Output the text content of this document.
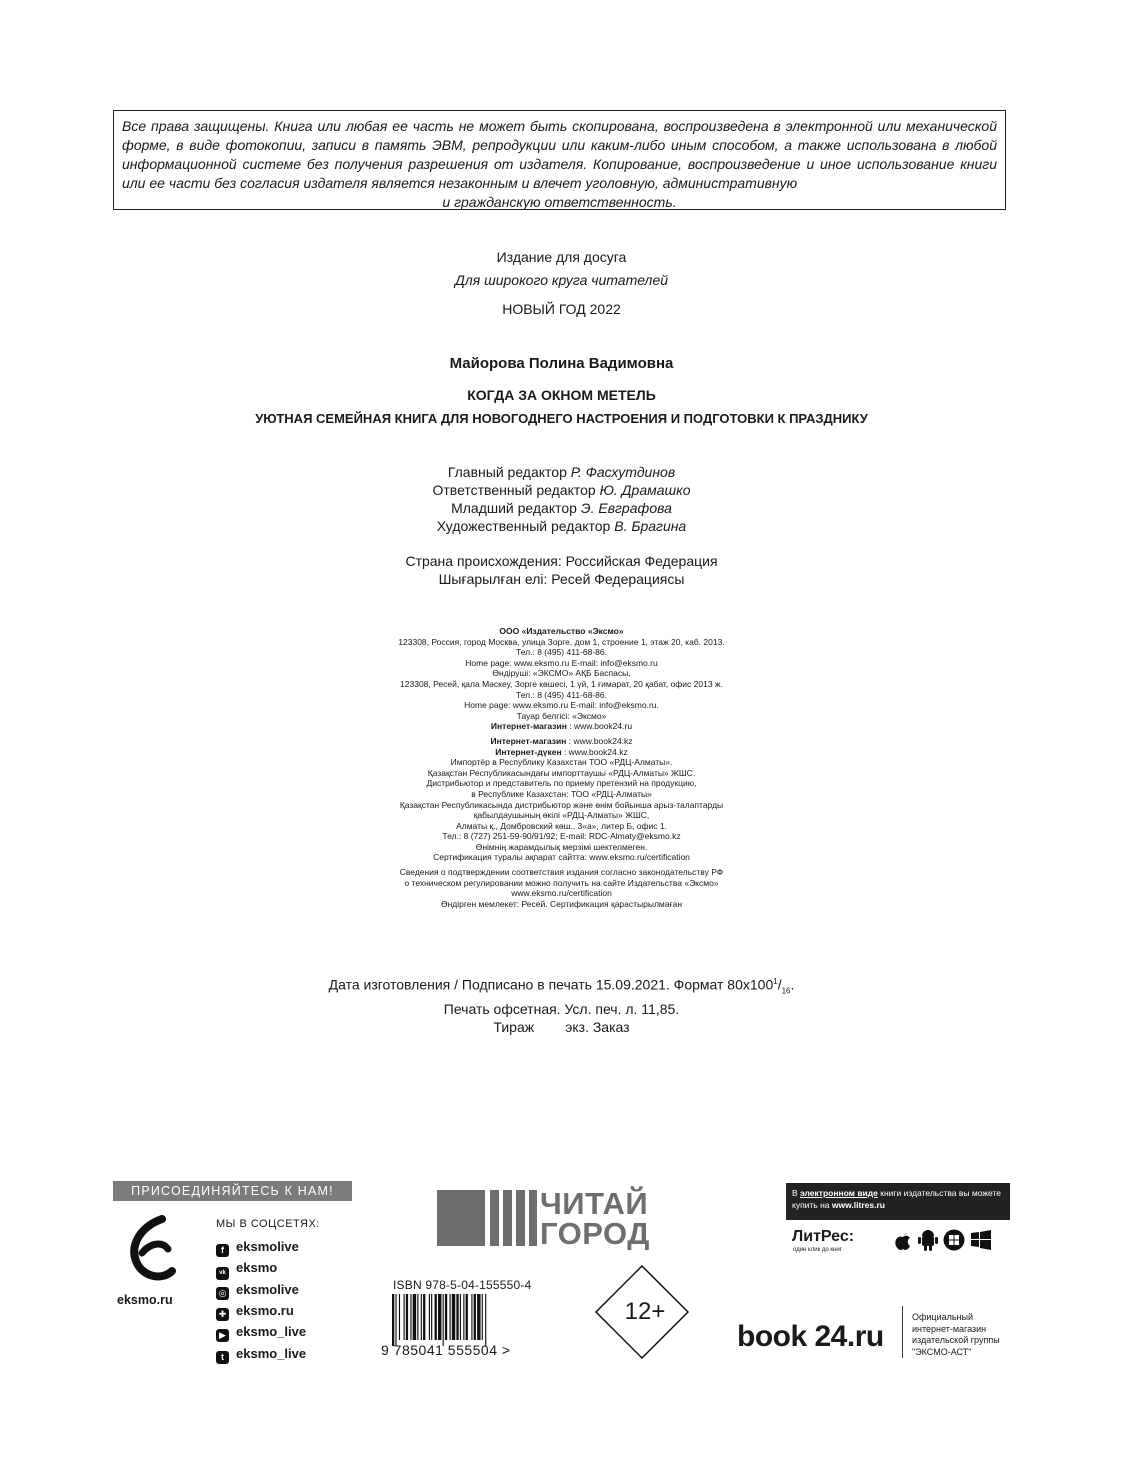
Все права защищены. Книга или любая ее часть не может быть скопирована, воспроизведена в электронной или механической форме, в виде фотокопии, записи в память ЭВМ, репродукции или каким-либо иным способом, а также использована в любой информационной системе без получения разрешения от издателя. Копирование, воспроизведение и иное использование книги или ее части без согласия издателя является незаконным и влечет уголовную, административную
и гражданскую ответственность.
Издание для досуга
Для широкого круга читателей
НОВЫЙ ГОД 2022
Майорова Полина Вадимовна
КОГДА ЗА ОКНОМ МЕТЕЛЬ
УЮТНАЯ СЕМЕЙНАЯ КНИГА ДЛЯ НОВОГОДНЕГО НАСТРОЕНИЯ И ПОДГОТОВКИ К ПРАЗДНИКУ
Главный редактор Р. Фасхутдинов
Ответственный редактор Ю. Драмашко
Младший редактор Э. Евграфова
Художественный редактор В. Брагина
Страна происхождения: Российская Федерация
Шығарылған елі: Ресей Федерациясы
ООО «Издательство «Эксмо»
123308, Россия, город Москва, улица Зорге, дом 1, строение 1, этаж 20, каб. 2013.
Тел.: 8 (495) 411-68-86.
Home page: www.eksmo.ru E-mail: info@eksmo.ru
Өндіруші: «ЭКСМО» АҚБ Баспасы,
123308, Ресей, қала Мәскеу, Зорге көшесі, 1 үй, 1 ғимарат, 20 қабат, офис 2013 ж.
Тел.: 8 (495) 411-68-86.
Home page: www.eksmo.ru E-mail: info@eksmo.ru.
Тауар белгісі: «Эксмо»
Интернет-магазин : www.book24.ru
Интернет-магазин : www.book24.kz
Интернет-дүкен : www.book24.kz
Импортёр в Республику Казахстан ТОО «РДЦ-Алматы».
Қазақстан Республикасындағы импорттаушы «РДЦ-Алматы» ЖШС.
Дистрибьютор и представитель по приему претензий на продукцию,
в Республике Казахстан: ТОО «РДЦ-Алматы»
Қазақстан Республикасында дистрибьютор және өнім бойынша арыз-талаптарды
қабылдаушының өкілі «РДЦ-Алматы» ЖШС,
Алматы қ., Домбровский көш., 3«а», литер Б, офис 1.
Тел.: 8 (727) 251-59-90/91/92; E-mail: RDC-Almaty@eksmo.kz
Өнімнің жарамдылық мерзімі шектелмеген.
Сертификация туралы ақпарат сайтта: www.eksmo.ru/certification
Сведения о подтверждении соответствия издания согласно законодательству РФ
о техническом регулировании можно получить на сайте Издательства «Эксмо»
www.eksmo.ru/certification
Өндірген мемлекет: Ресей. Сертификация қарастырылмаған
Дата изготовления / Подписано в печать 15.09.2021. Формат $80х100^1/_{16}$.
Печать офсетная. Усл. печ. л. 11,85.
Тираж        экз. Заказ
ПРИСОЕДИНЯЙТЕСЬ К НАМ!
eksmo.ru
МЫ В СОЦСЕТЯХ:
f eksmolive
vk eksmo
◎ eksmolive
✚ eksmo.ru
▶ eksmo_live
t eksmo_live
ЧИТАЙ
ГОРОД
ISBN 978-5-04-155550-4
9 785041 555504 >
12+
В электронном виде книги издательства вы можете купить на www.litres.ru
ЛитРес:
один клик до книг
book 24.ru
Официальный
интернет-магазин
издательской группы
"ЭКСМО-АСТ"
